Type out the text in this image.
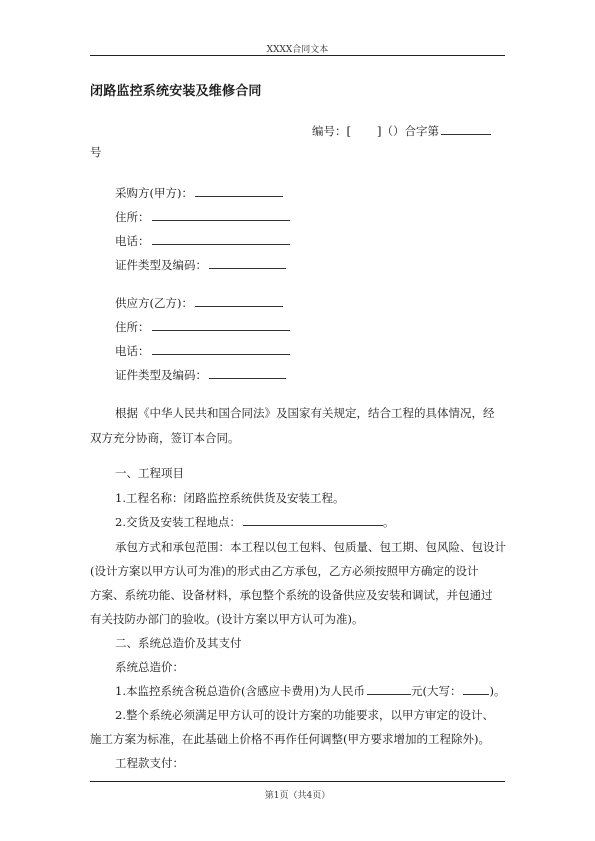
XXXX合同文本
闭路监控系统安装及维修合同
编号：[ ]（）合字第
号
采购方(甲方)：
住所：
电话：
证件类型及编码：
供应方(乙方)：
住所：
电话：
证件类型及编码：
根据《中华人民共和国合同法》及国家有关规定，结合工程的具体情况，经
双方充分协商，签订本合同。
一、工程项目
1.工程名称：闭路监控系统供货及安装工程。
2.交货及安装工程地点：	。
承包方式和承包范围：本工程以包工包料、包质量、包工期、包风险、包设计
(设计方案以甲方认可为准)的形式由乙方承包，乙方必须按照甲方确定的设计
方案、系统功能、设备材料，承包整个系统的设备供应及安装和调试，并包通过
有关技防办部门的验收。(设计方案以甲方认可为准)。
二、系统总造价及其支付
系统总造价：
1.本监控系统含税总造价(含感应卡费用)为人民币	元(大写： )。
2.整个系统必须满足甲方认可的设计方案的功能要求，以甲方审定的设计、
施工方案为标准，在此基础上价格不再作任何调整(甲方要求增加的工程除外)。
工程款支付：
第1页（共4页）
